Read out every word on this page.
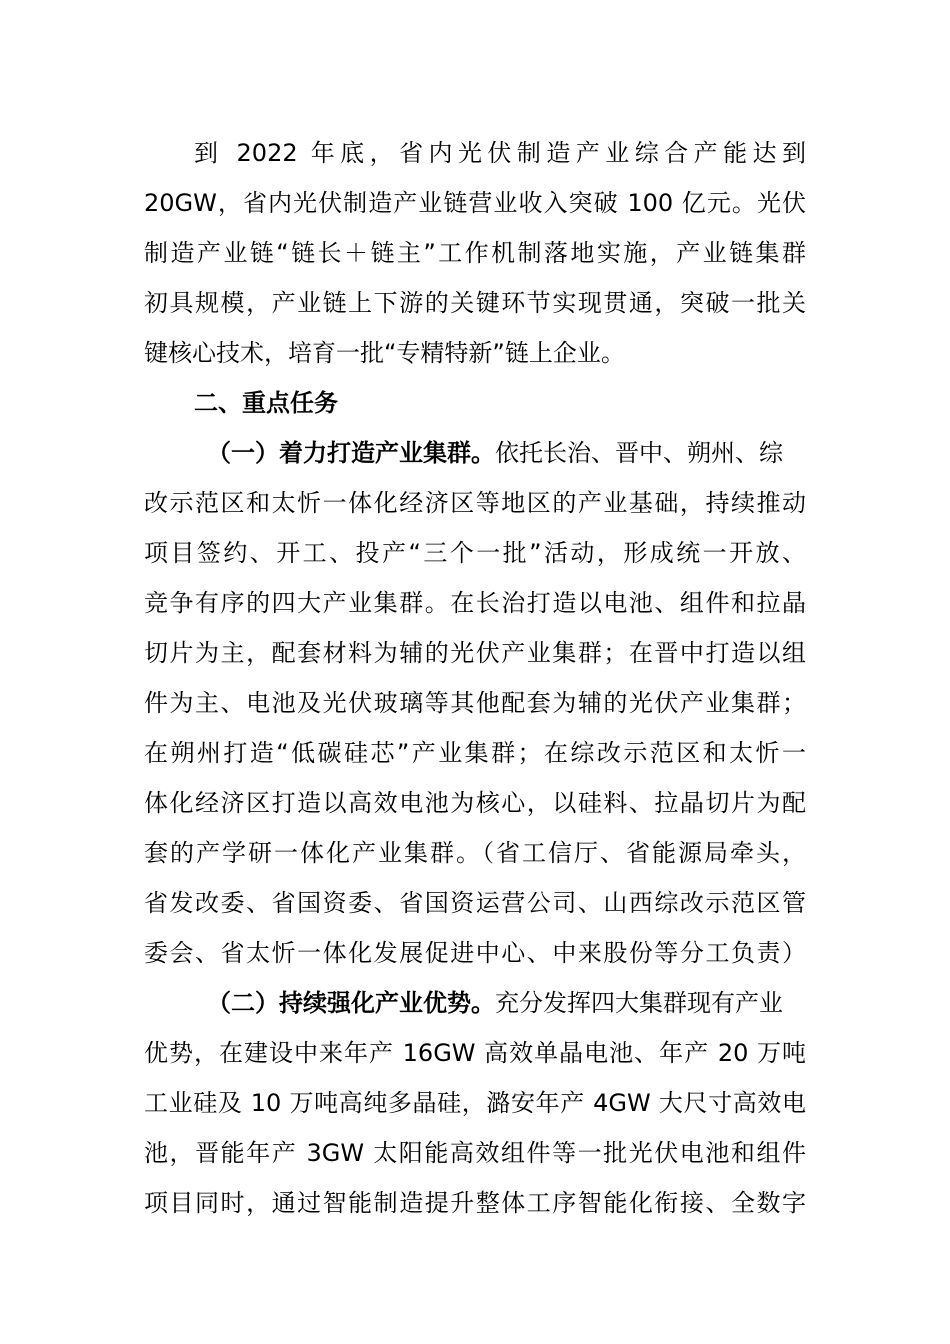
到 2022 年底，省内光伏制造产业综合产能达到
20GW，省内光伏制造产业链营业收入突破 100 亿元。光伏
制造产业链“链长＋链主”工作机制落地实施，产业链集群
初具规模，产业链上下游的关键环节实现贯通，突破一批关
键核心技术，培育一批“专精特新”链上企业。
二、重点任务
（一）着力打造产业集群。依托长治、晋中、朔州、综
改示范区和太忻一体化经济区等地区的产业基础，持续推动
项目签约、开工、投产“三个一批”活动，形成统一开放、
竞争有序的四大产业集群。在长治打造以电池、组件和拉晶
切片为主，配套材料为辅的光伏产业集群；在晋中打造以组
件为主、电池及光伏玻璃等其他配套为辅的光伏产业集群；
在朔州打造“低碳硅芯”产业集群；在综改示范区和太忻一
体化经济区打造以高效电池为核心，以硅料、拉晶切片为配
套的产学研一体化产业集群。（省工信厅、省能源局牵头，
省发改委、省国资委、省国资运营公司、山西综改示范区管
委会、省太忻一体化发展促进中心、中来股份等分工负责）
（二）持续强化产业优势。充分发挥四大集群现有产业
优势，在建设中来年产 16GW 高效单晶电池、年产 20 万吨
工业硅及 10 万吨高纯多晶硅，潞安年产 4GW 大尺寸高效电
池，晋能年产 3GW 太阳能高效组件等一批光伏电池和组件
项目同时，通过智能制造提升整体工序智能化衔接、全数字
